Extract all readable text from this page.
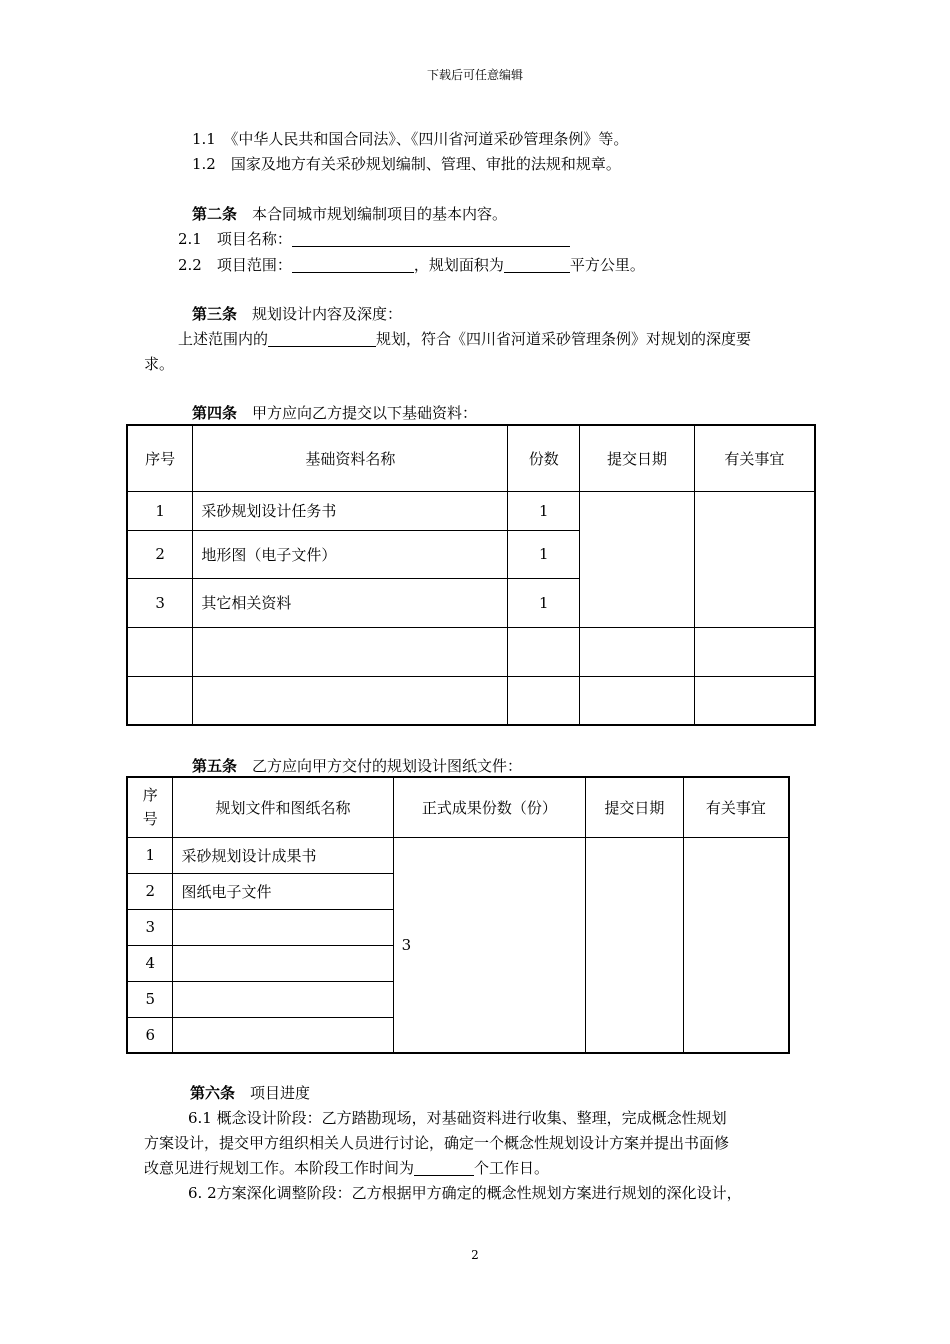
下载后可任意编辑
1.1　《中华人民共和国合同法》、《四川省河道采砂管理条例》等。
1.2　国家及地方有关采砂规划编制、管理、审批的法规和规章。
第二条　本合同城市规划编制项目的基本内容。
2.1　项目名称：
2.2　项目范围：	，规划面积为	平方公里。
第三条　规划设计内容及深度：
上述范围内的	规划，符合《四川省河道采砂管理条例》对规划的深度要
求。
第四条　甲方应向乙方提交以下基础资料：
序号	基础资料名称	份数	提交日期	有关事宜
1	采砂规划设计任务书	1		
2	地形图（电子文件）	1		
3	其它相关资料	1		

第五条　乙方应向甲方交付的规划设计图纸文件：
序
号	规划文件和图纸名称	正式成果份数（份）	提交日期	有关事宜
1	采砂规划设计成果书	3		
2	图纸电子文件			
3				
4				
5				
6				
第六条　项目进度
6.1 概念设计阶段：乙方踏勘现场，对基础资料进行收集、整理，完成概念性规划
方案设计，提交甲方组织相关人员进行讨论，确定一个概念性规划设计方案并提出书面修
改意见进行规划工作。本阶段工作时间为	个工作日。
6. 2方案深化调整阶段：乙方根据甲方确定的概念性规划方案进行规划的深化设计，
2
